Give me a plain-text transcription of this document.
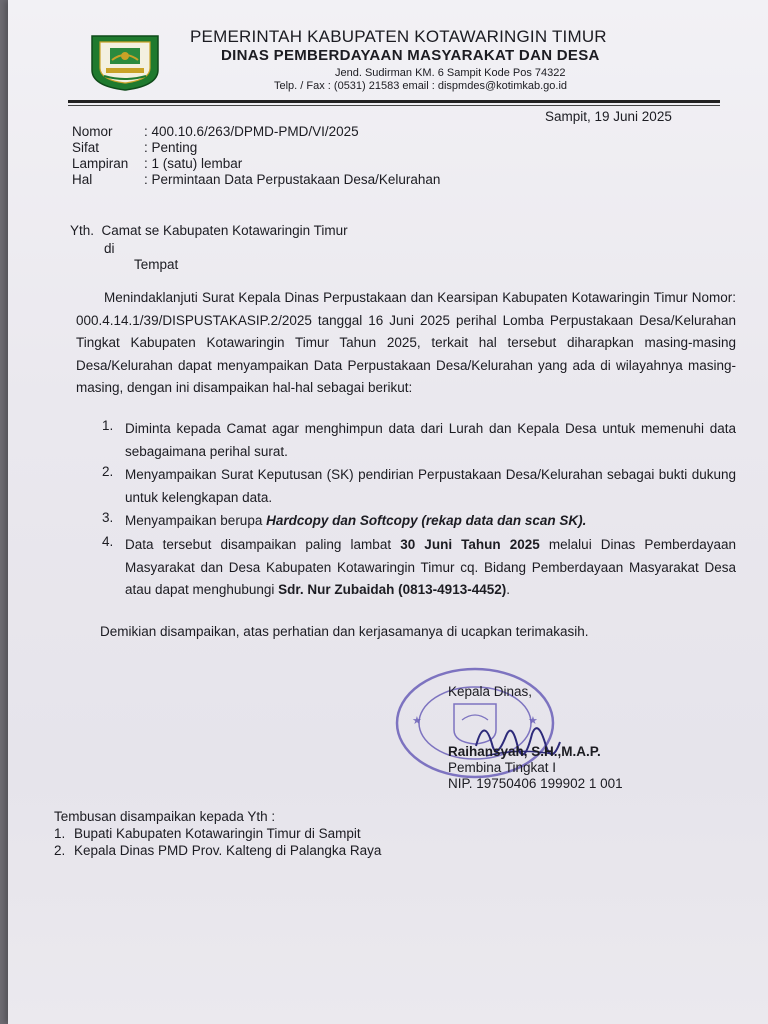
PEMERINTAH KABUPATEN KOTAWARINGIN TIMUR
DINAS PEMBERDAYAAN MASYARAKAT DAN DESA
Jend. Sudirman KM. 6 Sampit Kode Pos 74322
Telp. / Fax : (0531) 21583 email : dispmdes@kotimkab.go.id
Sampit, 19 Juni 2025
Nomor	: 400.10.6/263/DPMD-PMD/VI/2025
Sifat	: Penting
Lampiran	: 1 (satu) lembar
Hal	: Permintaan Data Perpustakaan Desa/Kelurahan
Yth.  Camat se Kabupaten Kotawaringin Timur
di
Tempat

Menindaklanjuti Surat Kepala Dinas Perpustakaan dan Kearsipan Kabupaten Kotawaringin Timur Nomor: 000.4.14.1/39/DISPUSTAKASIP.2/2025 tanggal 16 Juni 2025 perihal Lomba Perpustakaan Desa/Kelurahan Tingkat Kabupaten Kotawaringin Timur Tahun 2025, terkait hal tersebut diharapkan masing-masing Desa/Kelurahan dapat menyampaikan Data Perpustakaan Desa/Kelurahan yang ada di wilayahnya masing-masing, dengan ini disampaikan hal-hal sebagai berikut:

1. Diminta kepada Camat agar menghimpun data dari Lurah dan Kepala Desa untuk memenuhi data sebagaimana perihal surat.
2. Menyampaikan Surat Keputusan (SK) pendirian Perpustakaan Desa/Kelurahan sebagai bukti dukung untuk kelengkapan data.
3. Menyampaikan berupa Hardcopy dan Softcopy (rekap data dan scan SK).
4. Data tersebut disampaikan paling lambat 30 Juni Tahun 2025 melalui Dinas Pemberdayaan Masyarakat dan Desa Kabupaten Kotawaringin Timur cq. Bidang Pemberdayaan Masyarakat Desa atau dapat menghubungi Sdr. Nur Zubaidah (0813-4913-4452).
Demikian disampaikan, atas perhatian dan kerjasamanya di ucapkan terimakasih.
★	★
Kepala Dinas,
Raihansyah, S.H.,M.A.P.
Pembina Tingkat I
NIP. 19750406 199902 1 001
Tembusan disampaikan kepada Yth :
1. Bupati Kabupaten Kotawaringin Timur di Sampit
2. Kepala Dinas PMD Prov. Kalteng di Palangka Raya
